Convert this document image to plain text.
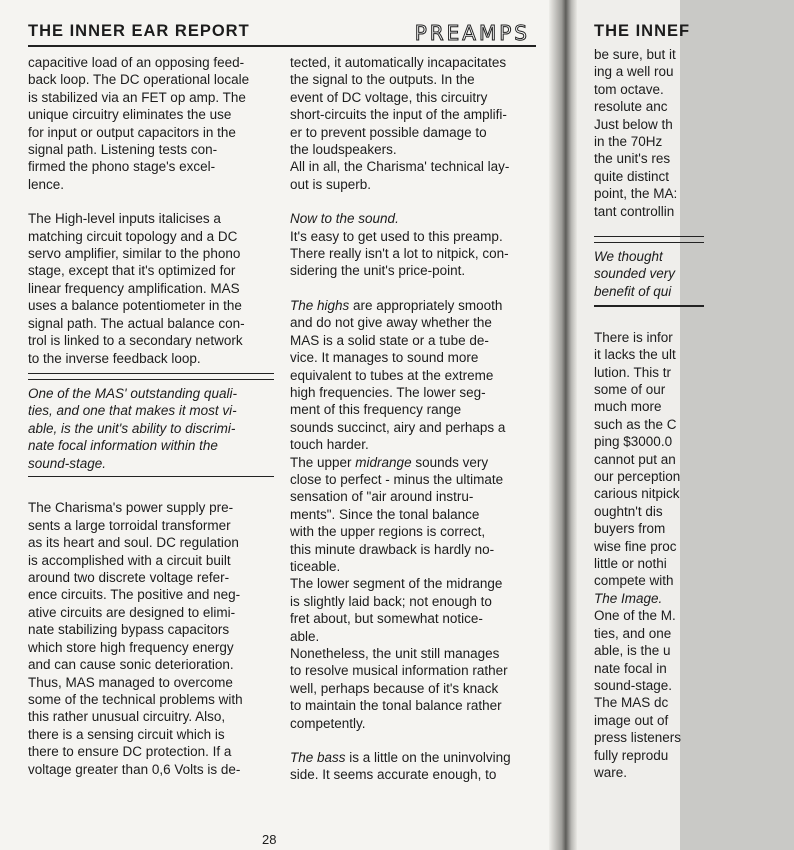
THE INNER EAR REPORT	PREAMPS

capacitive load of an opposing feed-
back loop. The DC operational locale
is stabilized via an FET op amp. The
unique circuitry eliminates the use
for input or output capacitors in the
signal path. Listening tests con-
firmed the phono stage's excel-
lence.

The High-level inputs italicises a
matching circuit topology and a DC
servo amplifier, similar to the phono
stage, except that it's optimized for
linear frequency amplification. MAS
uses a balance potentiometer in the
signal path. The actual balance con-
trol is linked to a secondary network
to the inverse feedback loop.

One of the MAS' outstanding quali-
ties, and one that makes it most vi-
able, is the unit's ability to discrimi-
nate focal information within the
sound-stage.

The Charisma's power supply pre-
sents a large torroidal transformer
as its heart and soul. DC regulation
is accomplished with a circuit built
around two discrete voltage refer-
ence circuits. The positive and neg-
ative circuits are designed to elimi-
nate stabilizing bypass capacitors
which store high frequency energy
and can cause sonic deterioration.
Thus, MAS managed to overcome
some of the technical problems with
this rather unusual circuitry. Also,
there is a sensing circuit which is
there to ensure DC protection. If a
voltage greater than 0,6 Volts is de-

tected, it automatically incapacitates
the signal to the outputs. In the
event of DC voltage, this circuitry
short-circuits the input of the amplifi-
er to prevent possible damage to
the loudspeakers.

All in all, the Charisma' technical lay-
out is superb.

Now to the sound.

It's easy to get used to this preamp.
There really isn't a lot to nitpick, con-
sidering the unit's price-point.

The highs are appropriately smooth
and do not give away whether the
MAS is a solid state or a tube de-
vice. It manages to sound more
equivalent to tubes at the extreme
high frequencies. The lower seg-
ment of this frequency range
sounds succinct, airy and perhaps a
touch harder.

The upper midrange sounds very
close to perfect - minus the ultimate
sensation of "air around instru-
ments". Since the tonal balance
with the upper regions is correct,
this minute drawback is hardly no-
ticeable.

The lower segment of the midrange
is slightly laid back; not enough to
fret about, but somewhat notice-
able.

Nonetheless, the unit still manages
to resolve musical information rather
well, perhaps because of it's knack
to maintain the tonal balance rather
competently.

The bass is a little on the uninvolving
side. It seems accurate enough, to

28
THE INNEF

be sure, but it
ing a well rou
tom octave.
resolute anc
Just below th
in the 70Hz
the unit's res
quite distinct
point, the MA:
tant controllin

We thought
sounded very
benefit of qui

There is infor
it lacks the ult
lution. This tr
some of our
much more
such as the C
ping $3000.0
cannot put an
our perception
carious nitpick
oughtn't dis
buyers from
wise fine proc
little or nothi
compete with

The Image.

One of the M.
ties, and one
able, is the u
nate focal in
sound-stage.
The MAS dc
image out of
press listeners
fully reprodu
ware.
